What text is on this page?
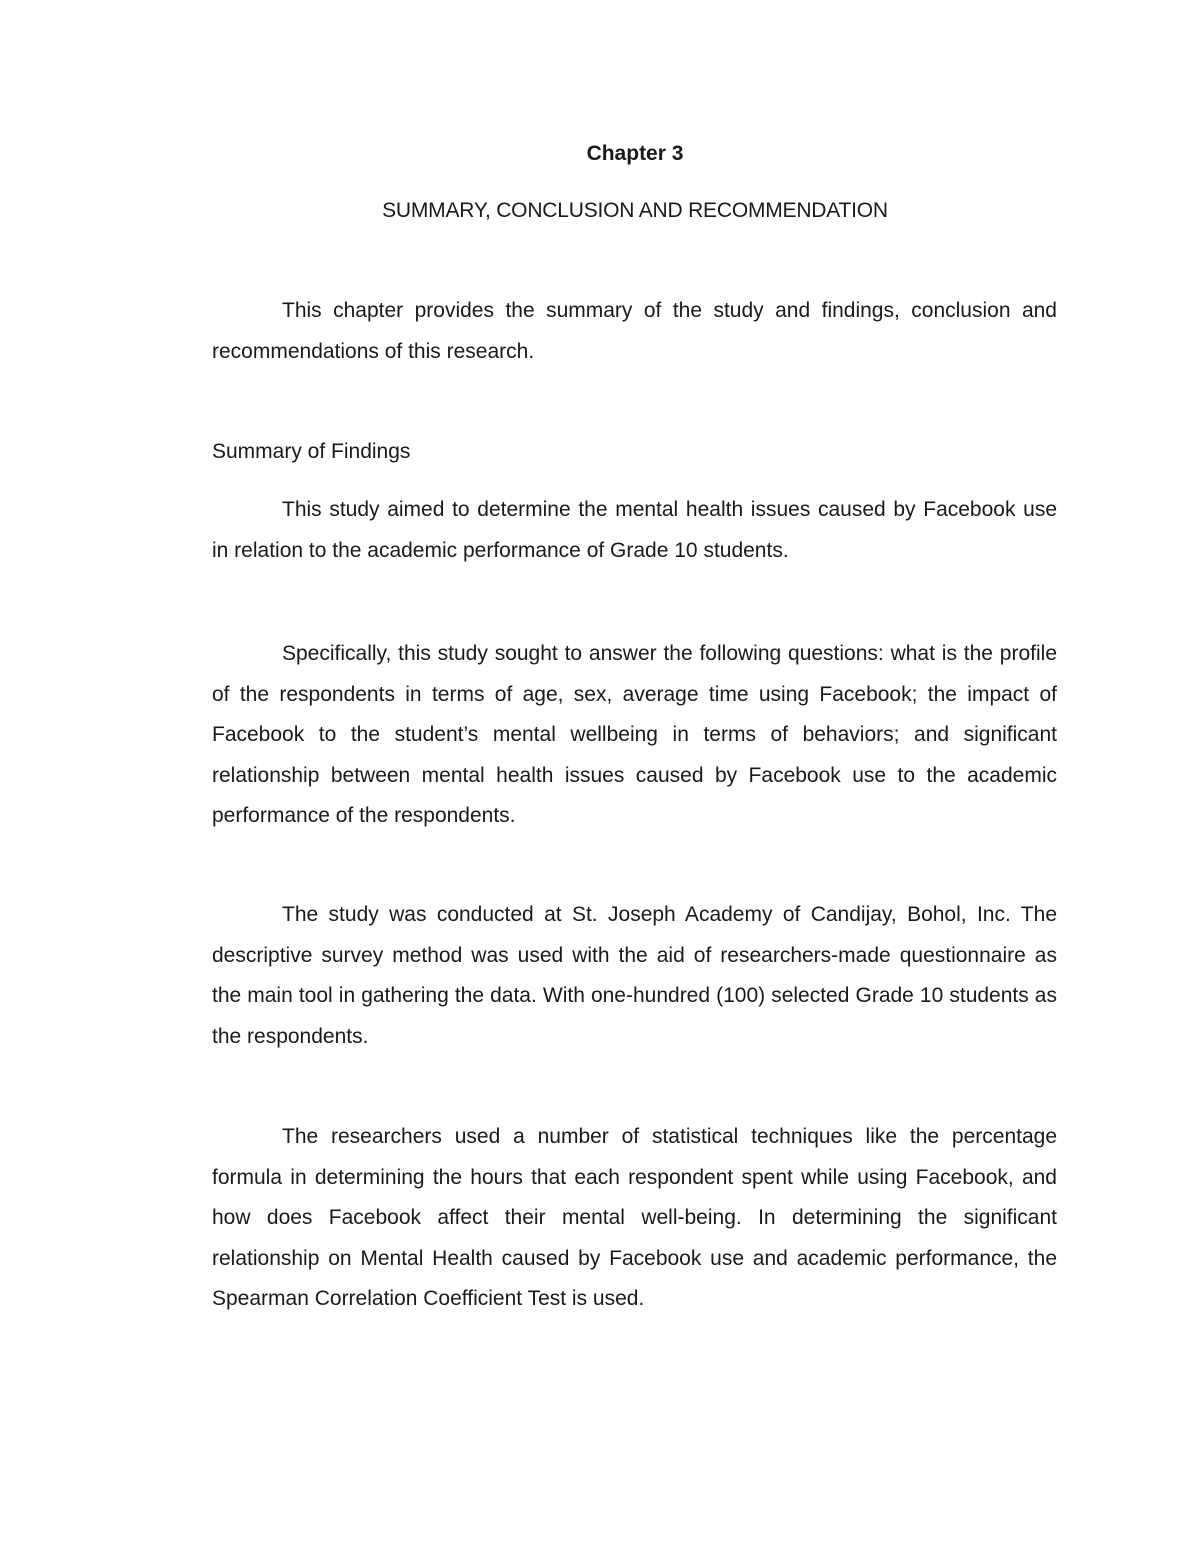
Chapter 3
SUMMARY, CONCLUSION AND RECOMMENDATION

This chapter provides the summary of the study and findings, conclusion and recommendations of this research.

Summary of Findings

This study aimed to determine the mental health issues caused by Facebook use in relation to the academic performance of Grade 10 students.

Specifically, this study sought to answer the following questions: what is the profile of the respondents in terms of age, sex, average time using Facebook; the impact of Facebook to the student’s mental wellbeing in terms of behaviors; and significant relationship between mental health issues caused by Facebook use to the academic performance of the respondents.

The study was conducted at St. Joseph Academy of Candijay, Bohol, Inc. The descriptive survey method was used with the aid of researchers-made questionnaire as the main tool in gathering the data. With one-hundred (100) selected Grade 10 students as the respondents.

The researchers used a number of statistical techniques like the percentage formula in determining the hours that each respondent spent while using Facebook, and how does Facebook affect their mental well-being. In determining the significant relationship on Mental Health caused by Facebook use and academic performance, the Spearman Correlation Coefficient Test is used.
